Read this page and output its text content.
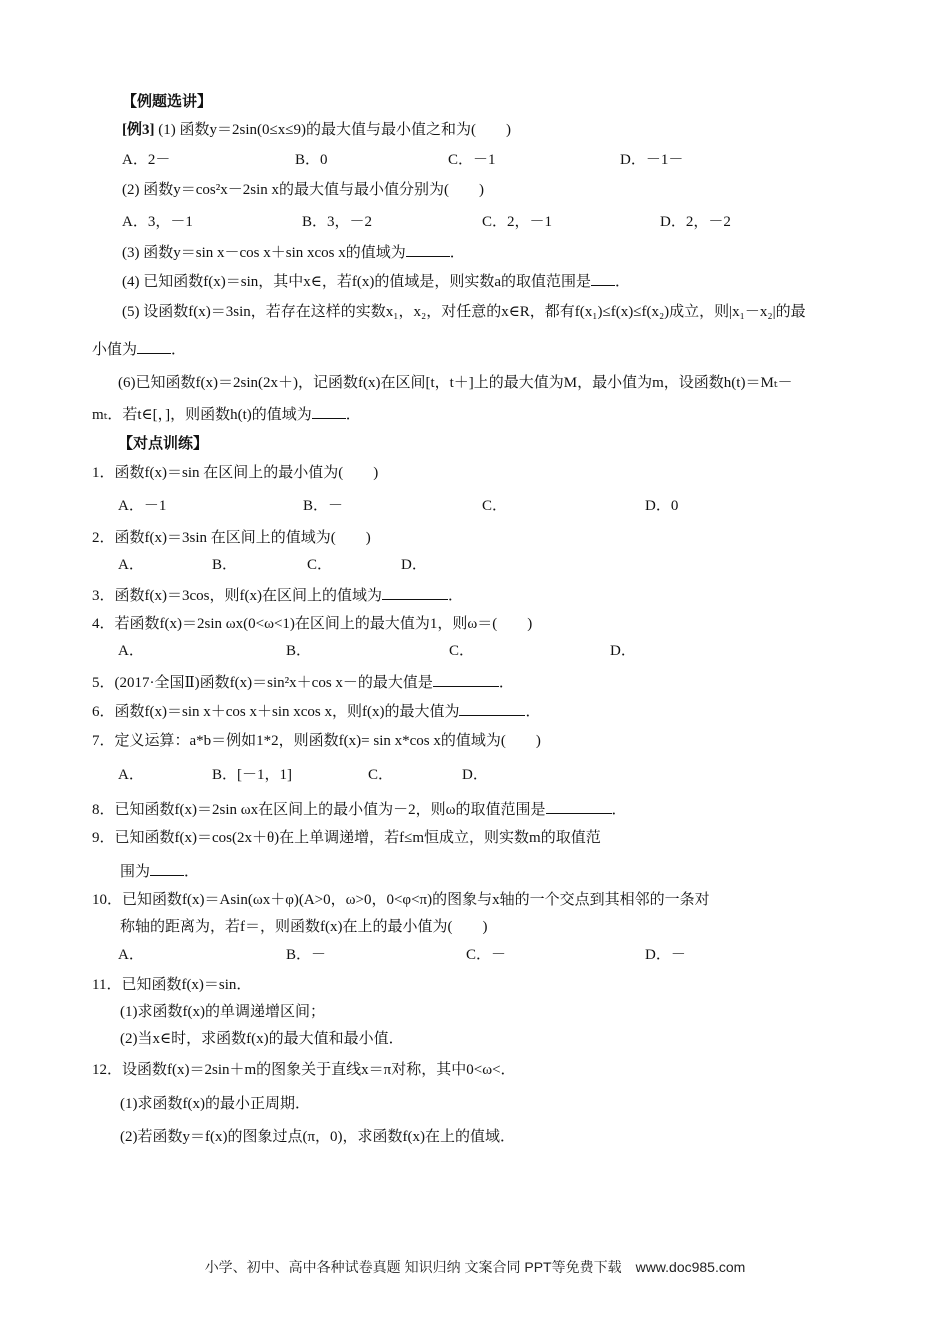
【例题选讲】
[例3] (1) 函数y＝2sin(0≤x≤9)的最大值与最小值之和为(　　)
A．2－	B．0	C．－1	D．－1－
(2) 函数y＝cos²x－2sin x的最大值与最小值分别为(　　)
A．3，－1	B．3，－2	C．2，－1	D．2，－2
(3) 函数y＝sin x－cos x＋sin xcos x的值域为	．
(4) 已知函数f(x)＝sin，其中x∈，若f(x)的值域是，则实数a的取值范围是 ．
(5) 设函数f(x)＝3sin，若存在这样的实数x₁，x₂，对任意的x∈R，都有f(x₁)≤f(x)≤f(x₂)成立，则|x₁－x₂|的最
小值为 ．
(6)已知函数f(x)＝2sin(2x＋)，记函数f(x)在区间[t，t＋]上的最大值为M，最小值为m，设函数h(t)＝Mₜ－
mₜ．若t∈[，]，则函数h(t)的值域为 ．
【对点训练】
1．函数f(x)＝sin 在区间上的最小值为(　　)
A．－1	B．－	C．	D．0
2．函数f(x)＝3sin 在区间上的值域为(　　)
A．	B．	C．	D．
3．函数f(x)＝3cos，则f(x)在区间上的值域为	．
4．若函数f(x)＝2sin ωx(0<ω<1)在区间上的最大值为1，则ω＝(　　)
A．	B．	C．	D．
5．(2017·全国Ⅱ)函数f(x)＝sin²x＋cos x－的最大值是	．
6．函数f(x)＝sin x＋cos x＋sin xcos x，则f(x)的最大值为	．
7．定义运算：a*b＝例如1*2，则函数f(x)= sin x*cos x的值域为(　　)
A．	B．[－1，1]	C．	D．
8．已知函数f(x)＝2sin ωx在区间上的最小值为－2，则ω的取值范围是	．
9．已知函数f(x)＝cos(2x＋θ)在上单调递增，若f≤m恒成立，则实数m的取值范
围为 ．
10．已知函数f(x)＝Asin(ωx＋φ)(A>0，ω>0，0<φ<π)的图象与x轴的一个交点到其相邻的一条对
称轴的距离为，若f＝，则函数f(x)在上的最小值为(　　)
A．	B．－	C．－	D．－
11．已知函数f(x)＝sin．
(1)求函数f(x)的单调递增区间；
(2)当x∈时，求函数f(x)的最大值和最小值．
12．设函数f(x)＝2sin＋m的图象关于直线x＝π对称，其中0<ω<．
(1)求函数f(x)的最小正周期．
(2)若函数y＝f(x)的图象过点(π，0)，求函数f(x)在上的值域．
小学、初中、高中各种试卷真题 知识归纳 文案合同 PPT等免费下载　www.doc985.com
